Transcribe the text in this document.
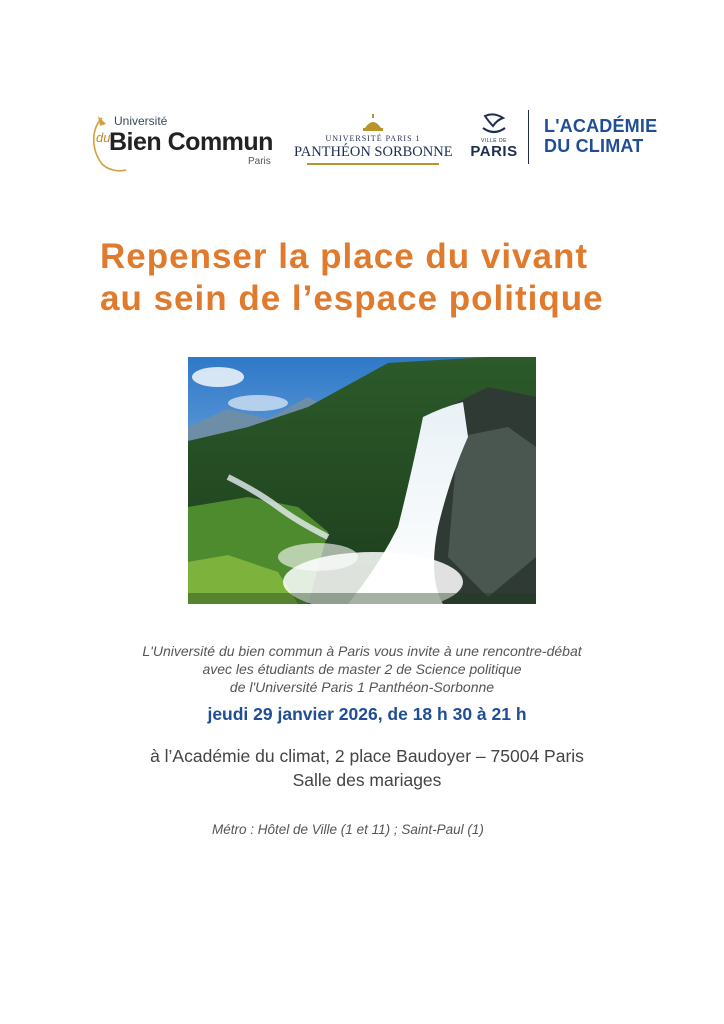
Université
du
Bien Commun
Paris
UNIVERSITÉ PARIS 1
PANTHÉON SORBONNE
VILLE DE
PARIS
L'ACADÉMIE
DU CLIMAT
Repenser la place du vivant
au sein de l’espace politique
L'Université du bien commun à Paris vous invite à une rencontre-débat
avec les étudiants de master 2 de Science politique
de l'Université Paris 1 Panthéon-Sorbonne
jeudi 29 janvier 2026, de 18 h 30 à 21 h
à l’Académie du climat, 2 place Baudoyer – 75004 Paris
Salle des mariages
Métro : Hôtel de Ville (1 et 11) ; Saint-Paul (1)
